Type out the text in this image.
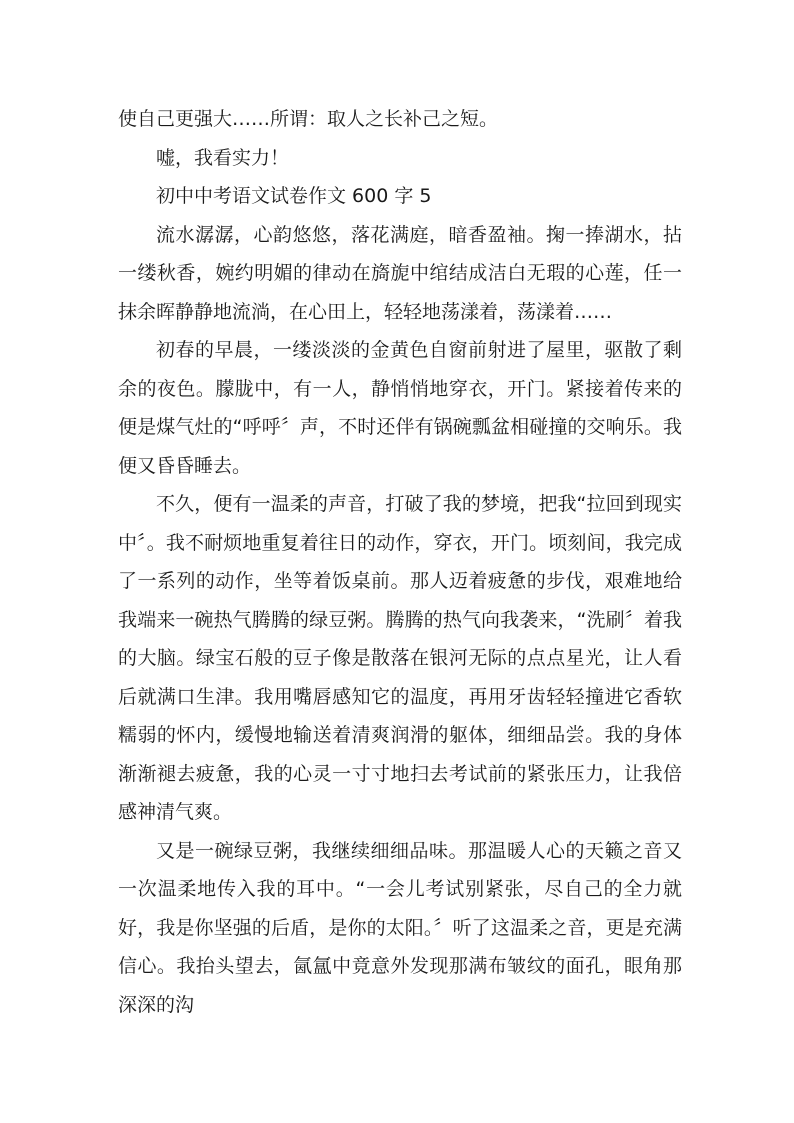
使自己更强大……所谓：取人之长补己之短。

嘘，我看实力！

初中中考语文试卷作文 600 字 5

流水潺潺，心韵悠悠，落花满庭，暗香盈袖。掬一捧湖水，拈一缕秋香，婉约明媚的律动在旖旎中绾结成洁白无瑕的心莲，任一抹余晖静静地流淌，在心田上，轻轻地荡漾着，荡漾着……

初春的早晨，一缕淡淡的金黄色自窗前射进了屋里，驱散了剩余的夜色。朦胧中，有一人，静悄悄地穿衣，开门。紧接着传来的便是煤气灶的“呼呼〞声，不时还伴有锅碗瓢盆相碰撞的交响乐。我便又昏昏睡去。

不久，便有一温柔的声音，打破了我的梦境，把我“拉回到现实中〞。我不耐烦地重复着往日的动作，穿衣，开门。顷刻间，我完成了一系列的动作，坐等着饭桌前。那人迈着疲惫的步伐，艰难地给我端来一碗热气腾腾的绿豆粥。腾腾的热气向我袭来，“洗刷〞着我的大脑。绿宝石般的豆子像是散落在银河无际的点点星光，让人看后就满口生津。我用嘴唇感知它的温度，再用牙齿轻轻撞进它香软糯弱的怀内，缓慢地输送着清爽润滑的躯体，细细品尝。我的身体渐渐褪去疲惫，我的心灵一寸寸地扫去考试前的紧张压力，让我倍感神清气爽。

又是一碗绿豆粥，我继续细细品味。那温暖人心的天籁之音又一次温柔地传入我的耳中。“一会儿考试别紧张，尽自己的全力就好，我是你坚强的后盾，是你的太阳。〞听了这温柔之音，更是充满信心。我抬头望去，氤氲中竟意外发现那满布皱纹的面孔，眼角那深深的沟
